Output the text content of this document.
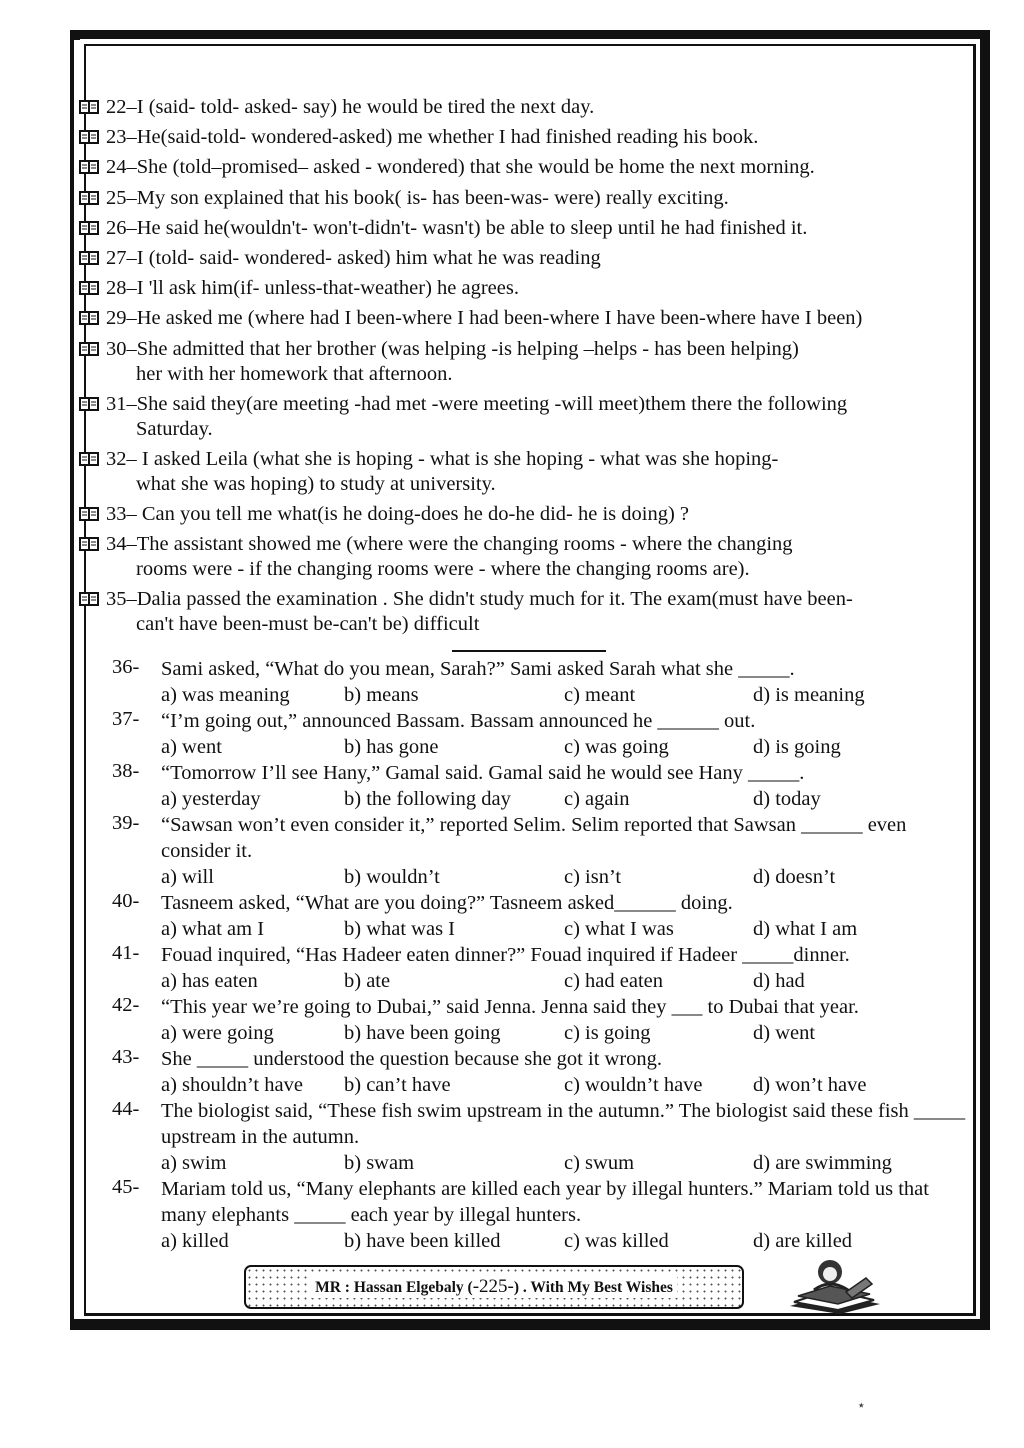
22–I (said- told- asked- say) he would be tired the next day.
23–He(said-told- wondered-asked) me whether I had finished reading his book.
24–She (told–promised– asked - wondered) that she would be home the next morning.
25–My son explained that his book( is- has been-was- were) really exciting.
26–He said he(wouldn't- won't-didn't- wasn't) be able to sleep until he had finished it.
27–I (told- said- wondered- asked) him what he was reading
28–I 'll ask him(if- unless-that-weather) he agrees.
29–He asked me (where had I been-where I had been-where I have been-where have I been)
30–She admitted that her brother (was helping -is helping –helps - has been helping)
her with her homework that afternoon.
31–She said they(are meeting -had met -were meeting -will meet)them there the following
Saturday.
32– I asked Leila (what she is hoping - what is she hoping - what was she hoping-
what she was hoping) to study at university.
33– Can you tell me what(is he doing-does he do-he did- he is doing) ?
34–The assistant showed me (where were the changing rooms - where the changing
rooms were - if the changing rooms were - where the changing rooms are).
35–Dalia passed the examination . She didn't study much for it. The exam(must have been-
can't have been-must be-can't be) difficult
36-	Sami asked, “What do you mean, Sarah?” Sami asked Sarah what she _____.
a) was meaning	b) means	c) meant	d) is meaning
37-	“I’m going out,” announced Bassam. Bassam announced he ______ out.
a) went	b) has gone	c) was going	d) is going
38-	“Tomorrow I’ll see Hany,” Gamal said. Gamal said he would see Hany _____.
a) yesterday	b) the following day	c) again	d) today
39-	“Sawsan won’t even consider it,” reported Selim. Selim reported that Sawsan ______ even consider it.
a) will	b) wouldn’t	c) isn’t	d) doesn’t
40-	Tasneem asked, “What are you doing?” Tasneem asked______ doing.
a) what am I	b) what was I	c) what I was	d) what I am
41-	Fouad inquired, “Has Hadeer eaten dinner?” Fouad inquired if Hadeer _____dinner.
a) has eaten	b) ate	c) had eaten	d) had
42-	“This year we’re going to Dubai,” said Jenna. Jenna said they ___ to Dubai that year.
a) were going	b) have been going	c) is going	d) went
43-	She _____ understood the question because she got it wrong.
a) shouldn’t have b) can’t have	c) wouldn’t have d) won’t have
44-	The biologist said, “These fish swim upstream in the autumn.” The biologist said these fish _____ upstream in the autumn.
a) swim	b) swam	c) swum	d) are swimming
45-	Mariam told us, “Many elephants are killed each year by illegal hunters.” Mariam told us that many elephants _____ each year by illegal hunters.
a) killed	b) have been killed	c) was killed	d) are killed
MR : Hassan Elgebaly (-225-) . With My Best Wishes
٭
